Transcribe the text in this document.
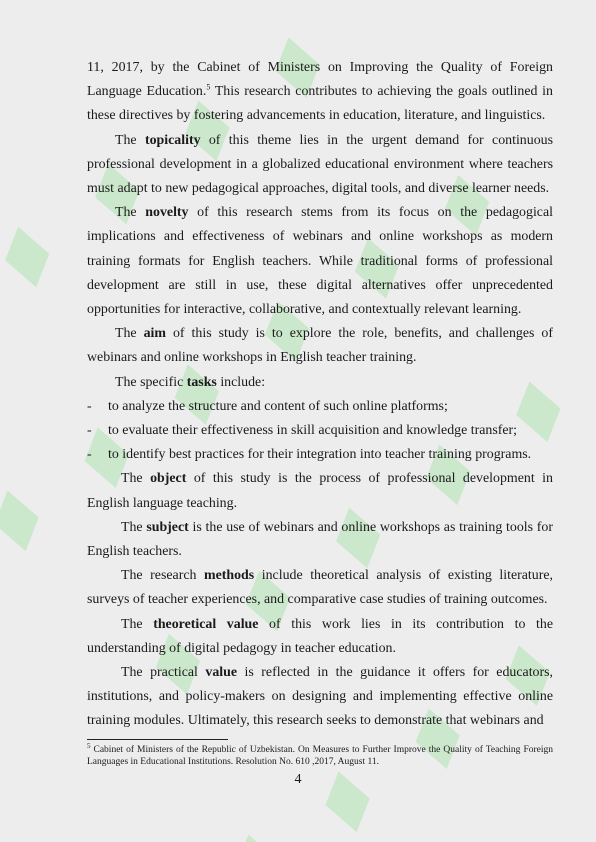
11, 2017, by the Cabinet of Ministers on Improving the Quality of Foreign Language Education.$^5$ This research contributes to achieving the goals outlined in these directives by fostering advancements in education, literature, and linguistics.

The topicality of this theme lies in the urgent demand for continuous professional development in a globalized educational environment where teachers must adapt to new pedagogical approaches, digital tools, and diverse learner needs.

The novelty of this research stems from its focus on the pedagogical implications and effectiveness of webinars and online workshops as modern training formats for English teachers. While traditional forms of professional development are still in use, these digital alternatives offer unprecedented opportunities for interactive, collaborative, and contextually relevant learning.

The aim of this study is to explore the role, benefits, and challenges of webinars and online workshops in English teacher training.

The specific tasks include:

-	to analyze the structure and content of such online platforms;
-	to evaluate their effectiveness in skill acquisition and knowledge transfer;
-	to identify best practices for their integration into teacher training programs.

The object of this study is the process of professional development in English language teaching.

The subject is the use of webinars and online workshops as training tools for English teachers.

The research methods include theoretical analysis of existing literature, surveys of teacher experiences, and comparative case studies of training outcomes.

The theoretical value of this work lies in its contribution to the understanding of digital pedagogy in teacher education.

The practical value is reflected in the guidance it offers for educators, institutions, and policy-makers on designing and implementing effective online training modules. Ultimately, this research seeks to demonstrate that webinars and

$^5$ Cabinet of Ministers of the Republic of Uzbekistan. On Measures to Further Improve the Quality of Teaching Foreign Languages in Educational Institutions. Resolution No. 610 ,2017, August 11.
4
